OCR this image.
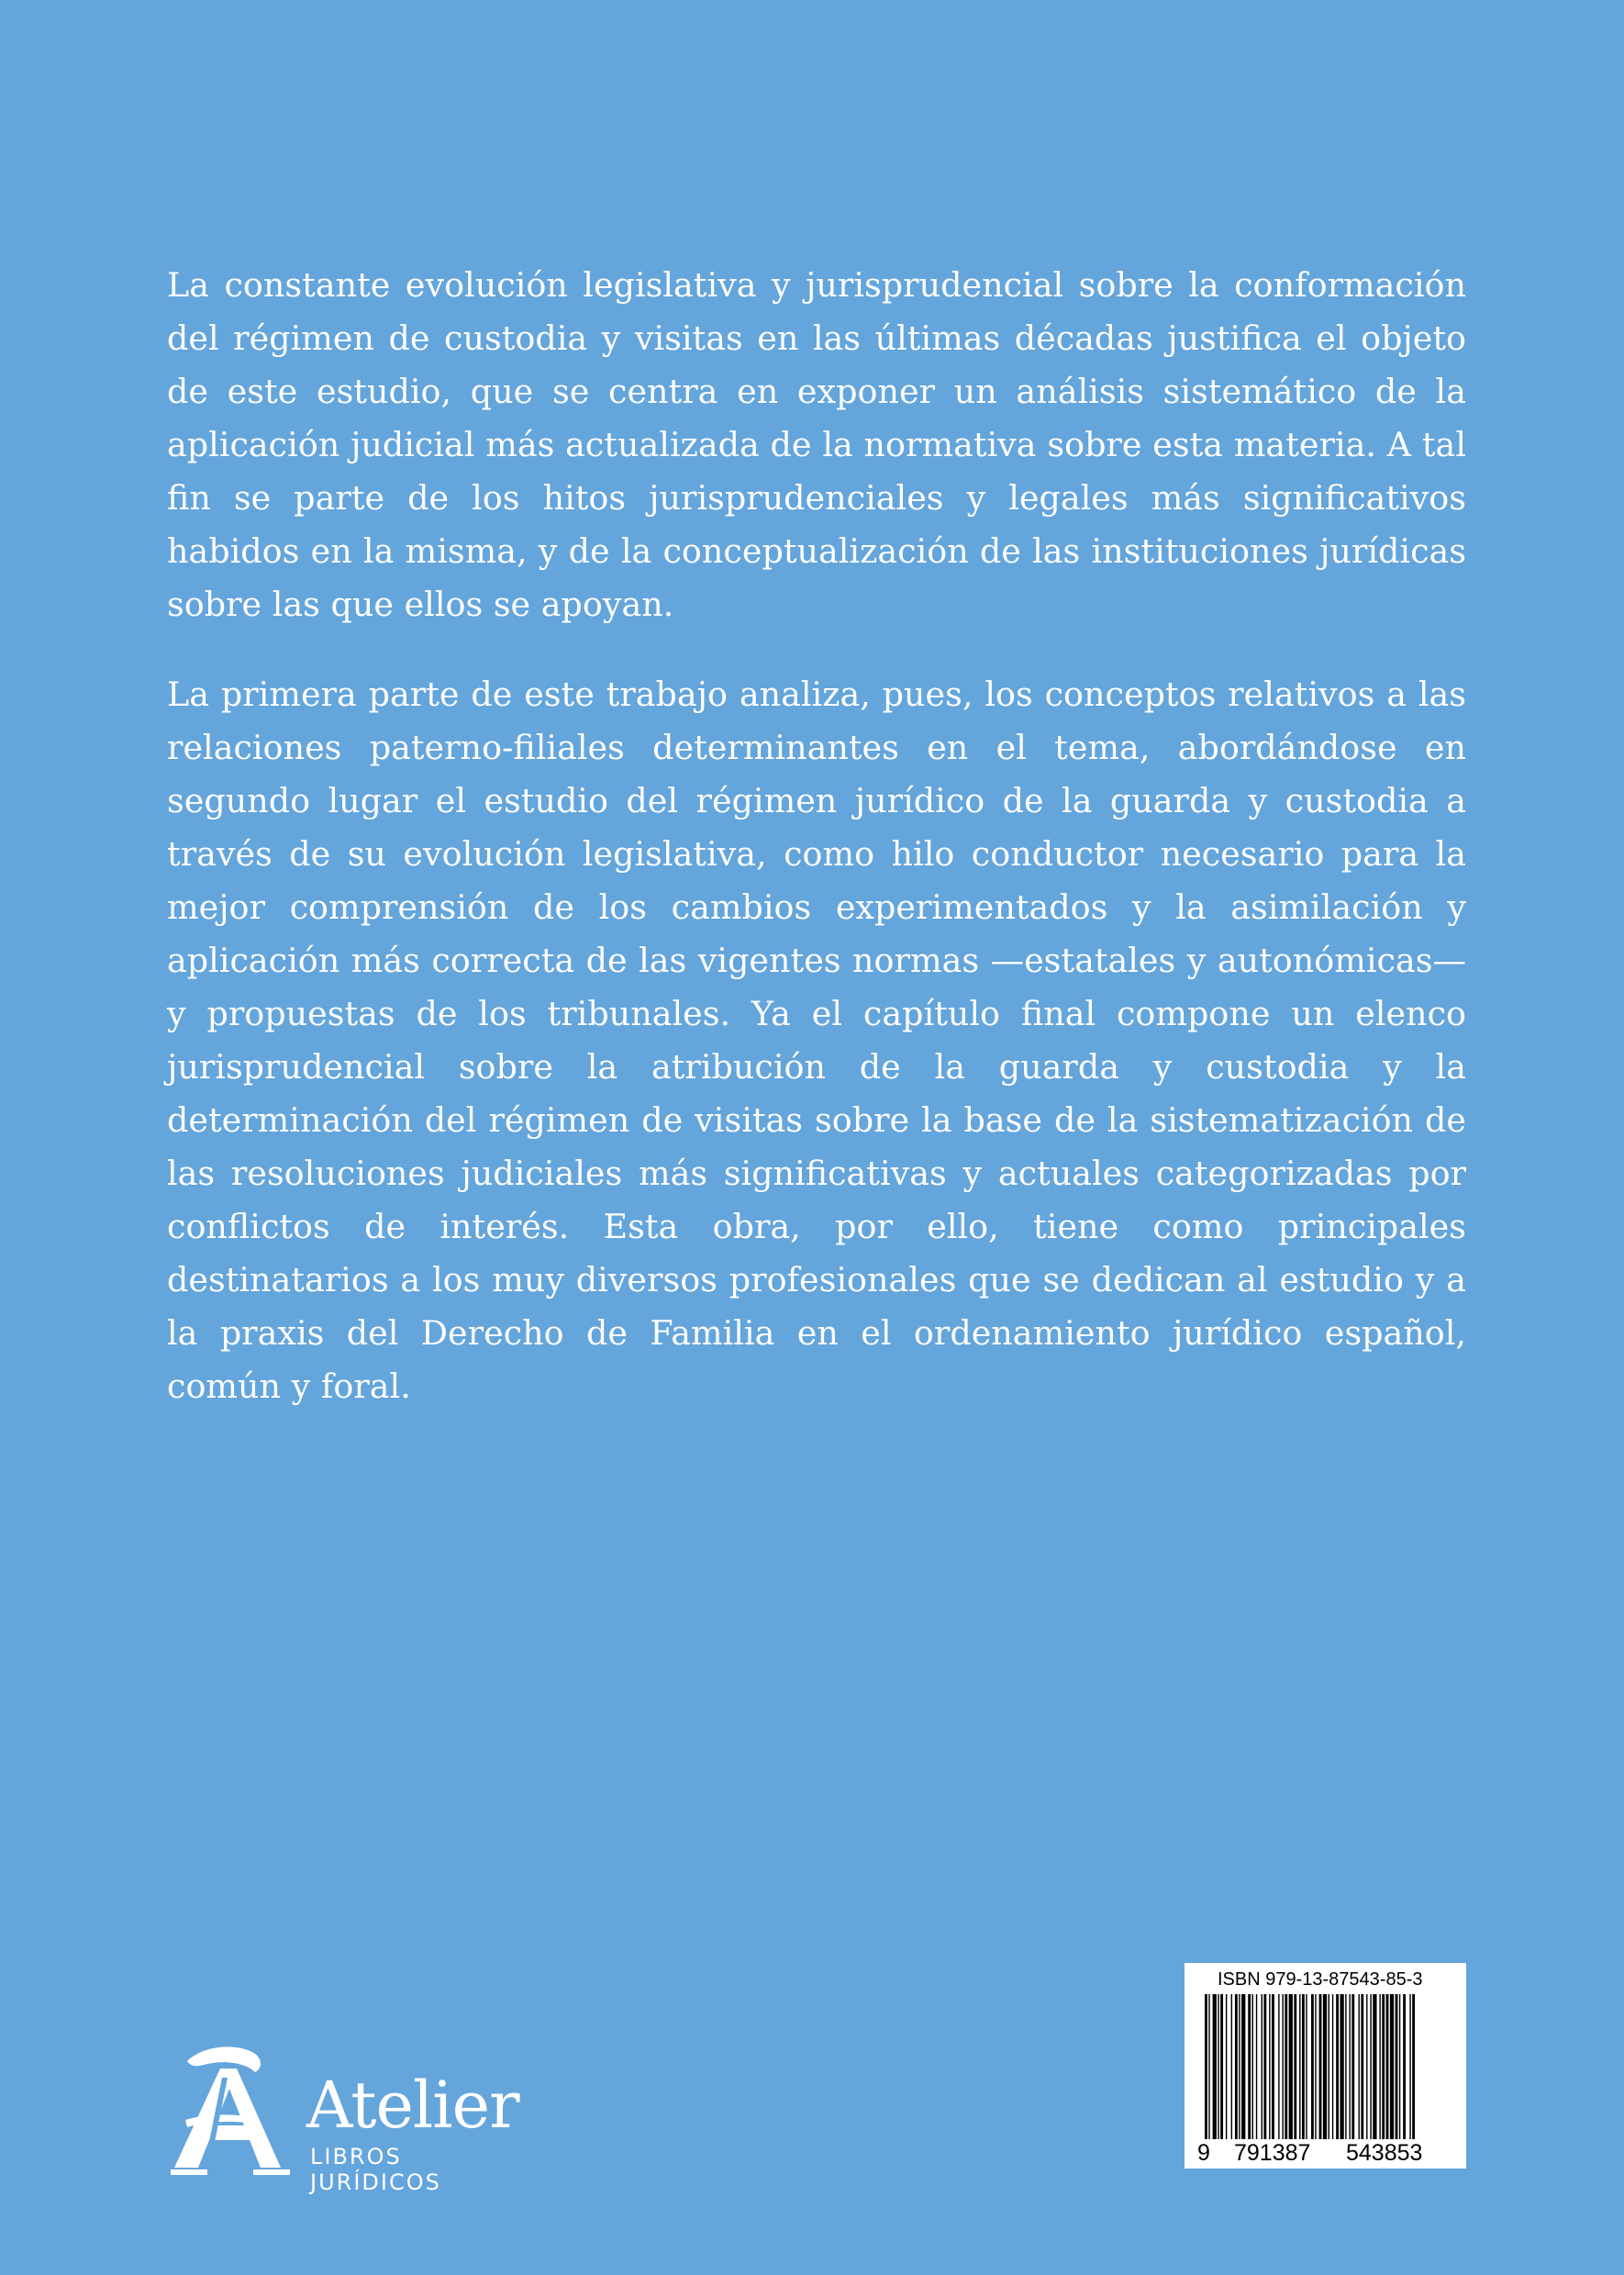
La constante evolución legislativa y jurisprudencial sobre la conformación del régimen de custodia y visitas en las últimas décadas justifica el objeto de este estudio, que se centra en exponer un análisis sistemático de la aplicación judicial más actualizada de la normativa sobre esta materia. A tal fin se parte de los hitos jurisprudenciales y legales más significativos habidos en la misma, y de la conceptualización de las instituciones jurídicas sobre las que ellos se apoyan.

La primera parte de este trabajo analiza, pues, los conceptos relativos a las relaciones paterno-filiales determinantes en el tema, abordándose en segundo lugar el estudio del régimen jurídico de la guarda y custodia a través de su evolución legislativa, como hilo conductor necesario para la mejor comprensión de los cambios experimentados y la asimilación y aplicación más correcta de las vigentes normas —estatales y autonómicas— y propuestas de los tribunales. Ya el capítulo final compone un elenco jurisprudencial sobre la atribución de la guarda y custodia y la determinación del régimen de visitas sobre la base de la sistematización de las resoluciones judiciales más significativas y actuales categorizadas por conflictos de interés. Esta obra, por ello, tiene como principales destinatarios a los muy diversos profesionales que se dedican al estudio y a la praxis del Derecho de Familia en el ordenamiento jurídico español, común y foral.

Atelier
LIBROS JURÍDICOS
ISBN 979-13-87543-85-3
9 791387 543853
